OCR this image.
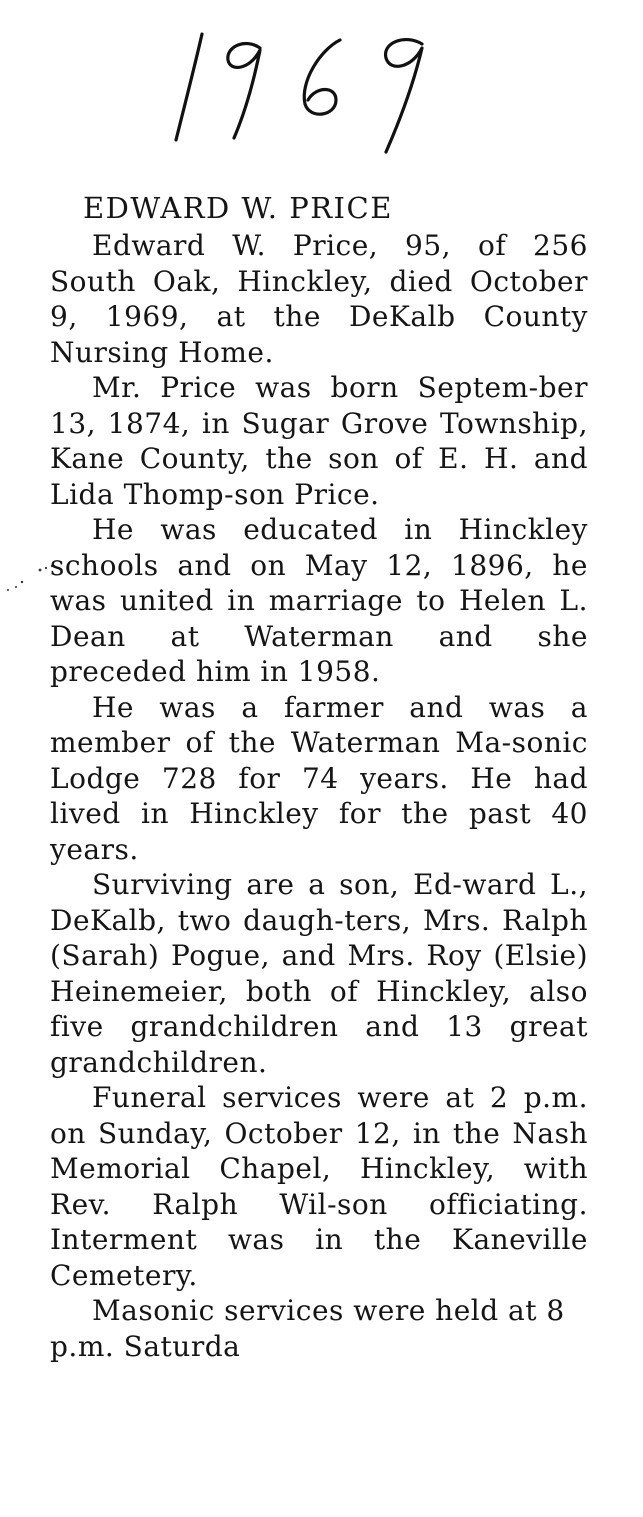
EDWARD W. PRICE

Edward W. Price, 95, of 256 South Oak, Hinckley, died October 9, 1969, at the DeKalb County Nursing Home.

Mr. Price was born Septem-ber 13, 1874, in Sugar Grove Township, Kane County, the son of E. H. and Lida Thomp-son Price.

He was educated in Hinckley schools and on May 12, 1896, he was united in marriage to Helen L. Dean at Waterman and she preceded him in 1958.

He was a farmer and was a member of the Waterman Ma-sonic Lodge 728 for 74 years. He had lived in Hinckley for the past 40 years.

Surviving are a son, Ed-ward L., DeKalb, two daugh-ters, Mrs. Ralph (Sarah) Pogue, and Mrs. Roy (Elsie) Heinemeier, both of Hinckley, also five grandchildren and 13 great grandchildren.

Funeral services were at 2 p.m. on Sunday, October 12, in the Nash Memorial Chapel, Hinckley, with Rev. Ralph Wil-son officiating. Interment was in the Kaneville Cemetery.

Masonic services were held at 8 p.m. Saturda
